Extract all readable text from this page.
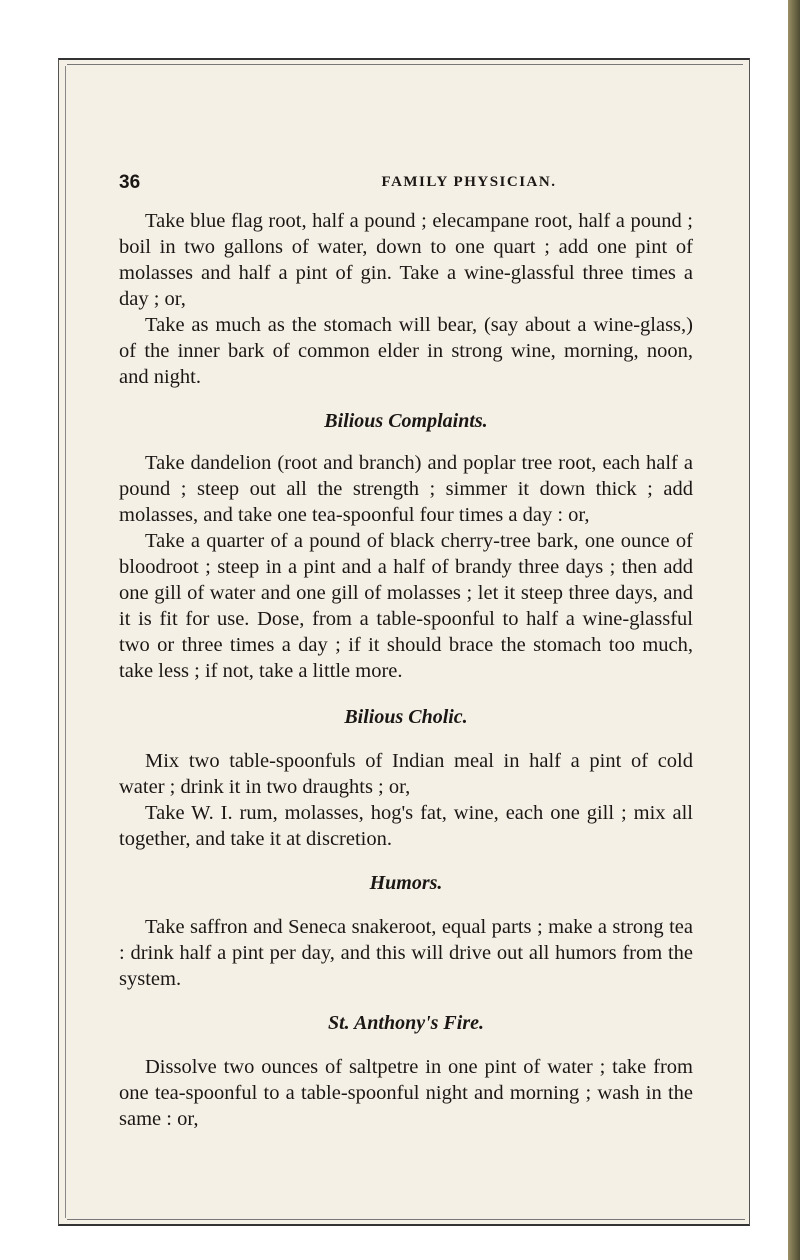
36	FAMILY PHYSICIAN.

Take blue flag root, half a pound ; elecampane root, half a pound ; boil in two gallons of water, down to one quart ; add one pint of molasses and half a pint of gin. Take a wine-glassful three times a day ; or,

Take as much as the stomach will bear, (say about a wine-glass,) of the inner bark of common elder in strong wine, morning, noon, and night.

Bilious Complaints.

Take dandelion (root and branch) and poplar tree root, each half a pound ; steep out all the strength ; simmer it down thick ; add molasses, and take one tea-spoonful four times a day : or,

Take a quarter of a pound of black cherry-tree bark, one ounce of bloodroot ; steep in a pint and a half of brandy three days ; then add one gill of water and one gill of molasses ; let it steep three days, and it is fit for use. Dose, from a table-spoonful to half a wine-glassful two or three times a day ; if it should brace the stomach too much, take less ; if not, take a little more.

Bilious Cholic.

Mix two table-spoonfuls of Indian meal in half a pint of cold water ; drink it in two draughts ; or,

Take W. I. rum, molasses, hog's fat, wine, each one gill ; mix all together, and take it at discretion.

Humors.

Take saffron and Seneca snakeroot, equal parts ; make a strong tea : drink half a pint per day, and this will drive out all humors from the system.

St. Anthony's Fire.

Dissolve two ounces of saltpetre in one pint of water ; take from one tea-spoonful to a table-spoonful night and morning ; wash in the same : or,
